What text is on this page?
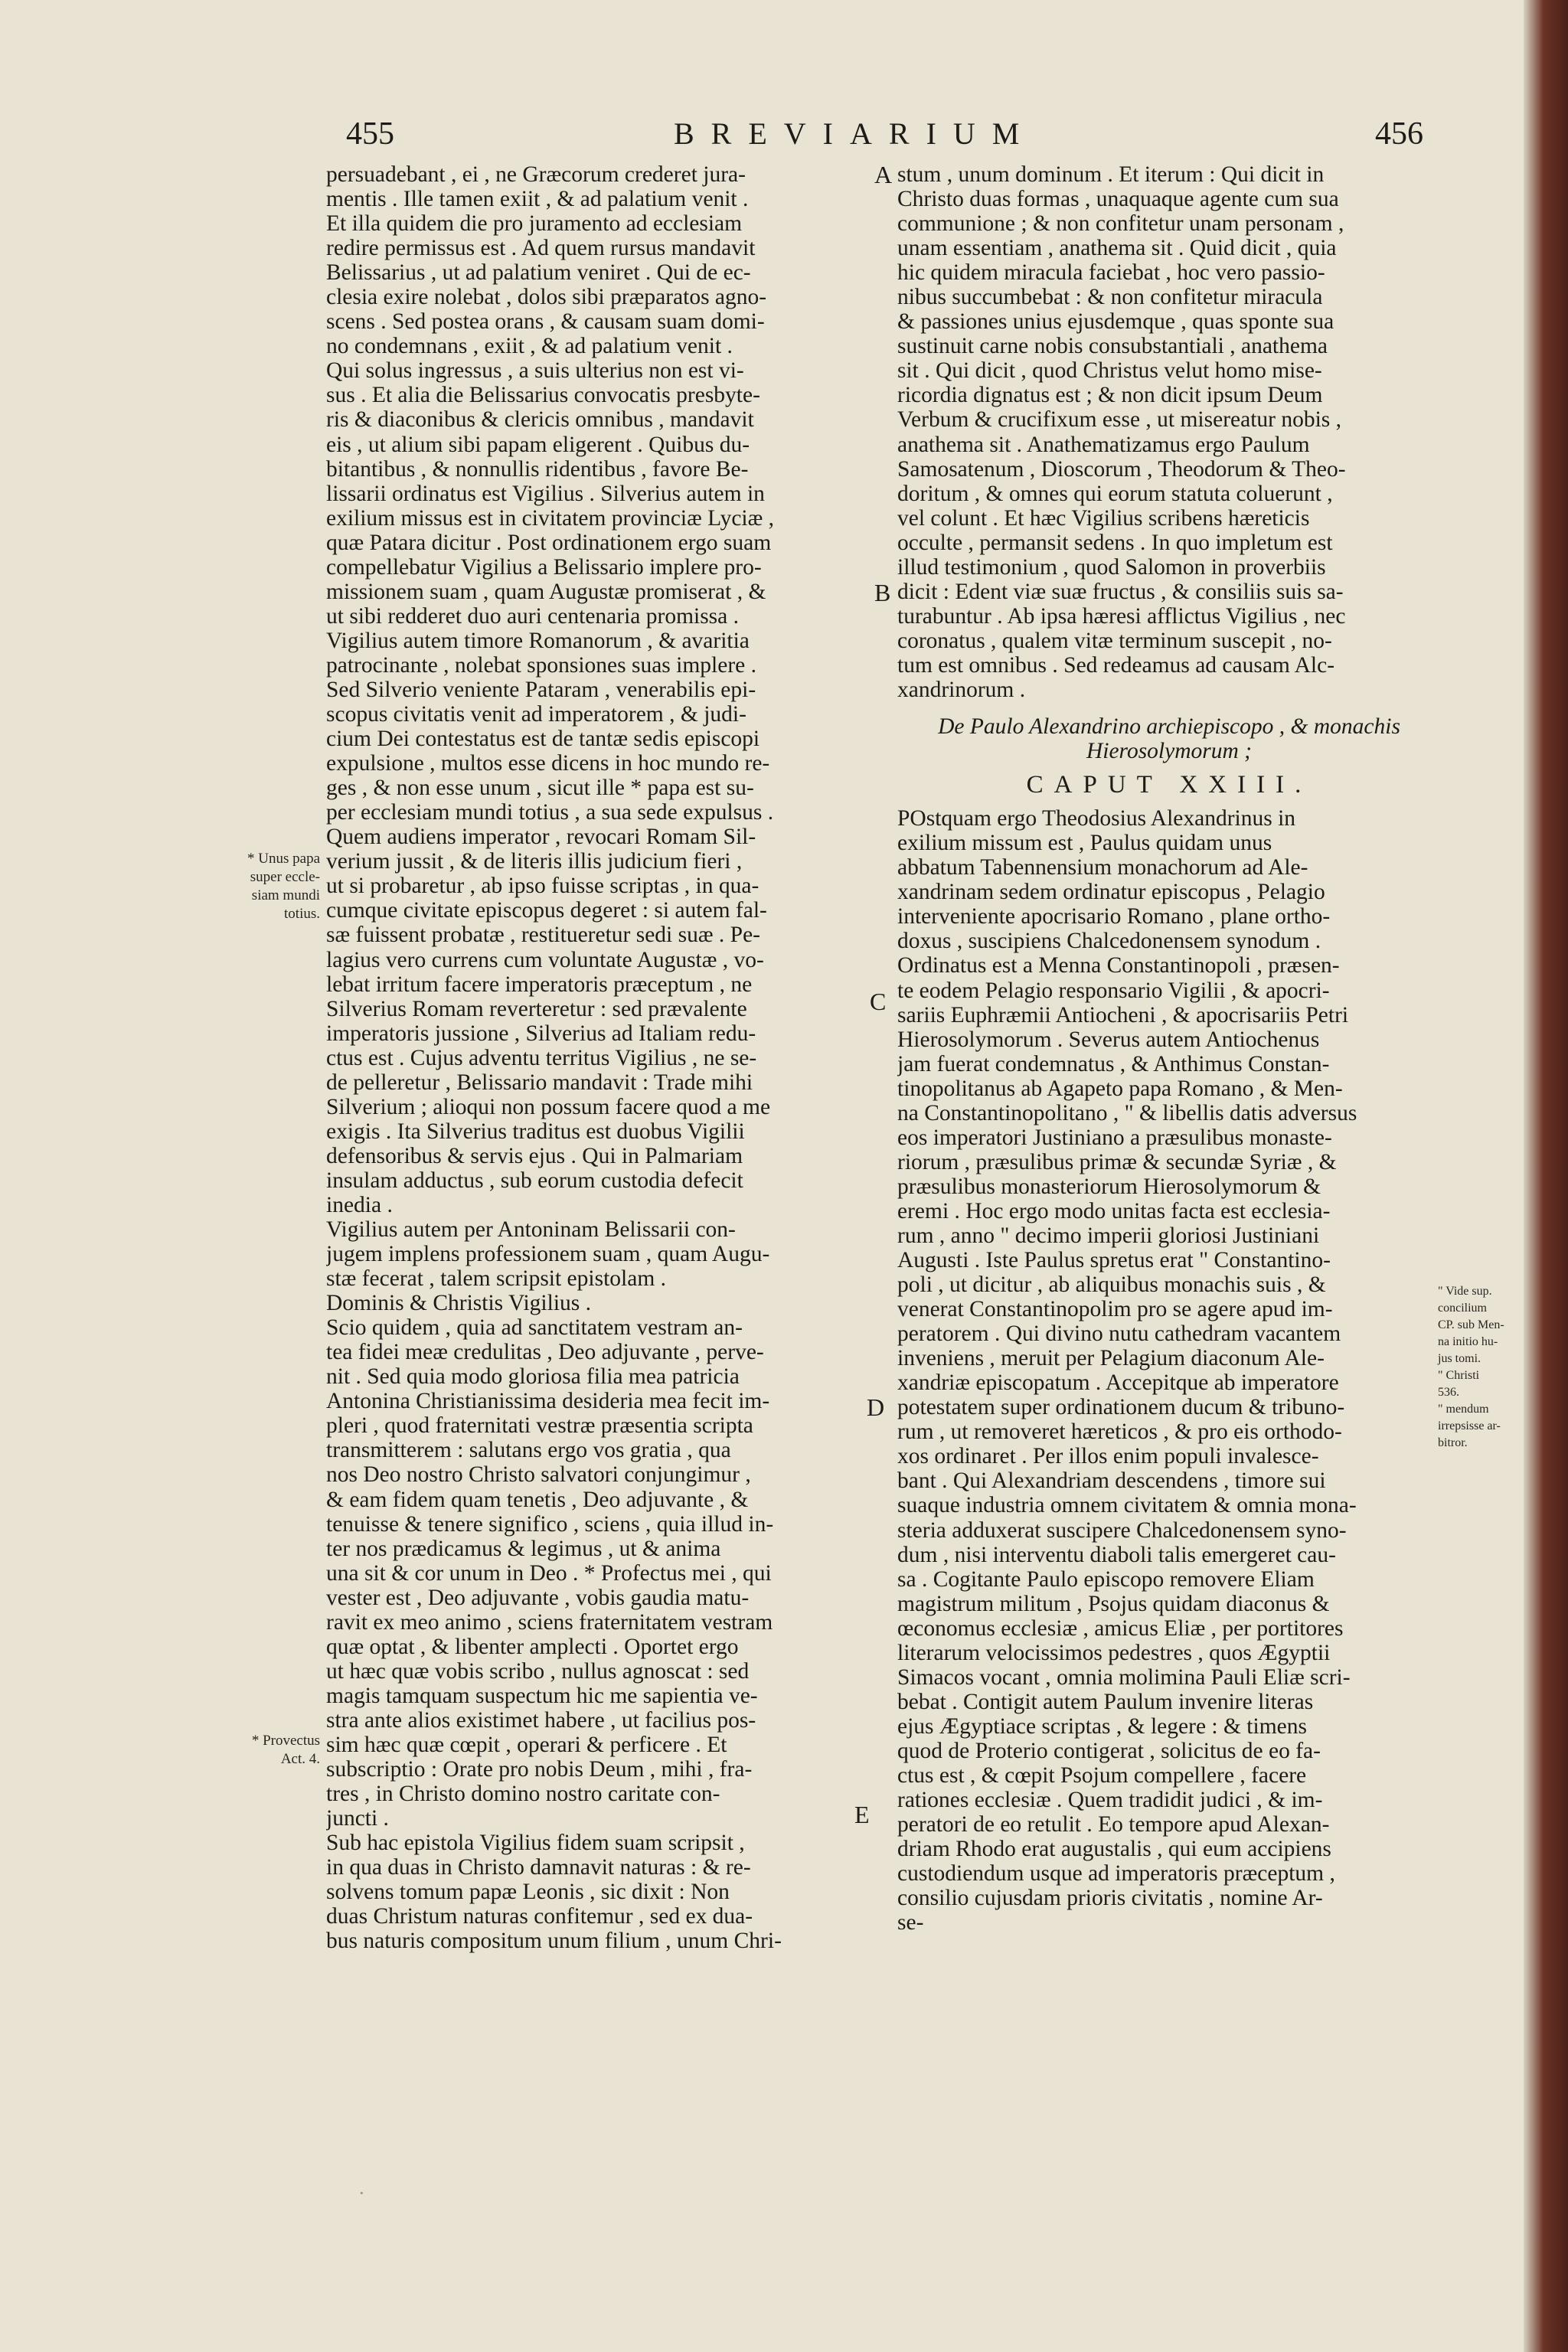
455	BREVIARIUM	456
* Unus papa
super eccle-
siam mundi
totius.
* Provectus
Act. 4.
" Vide sup.
concilium
CP. sub Men-
na initio hu-
jus tomi.
" Christi
536.
" mendum
irrepsisse ar-
bitror.
A
B
C
D
E
persuadebant , ei , ne Græcorum crederet jura-
mentis . Ille tamen exiit , & ad palatium venit .
Et illa quidem die pro juramento ad ecclesiam
redire permissus est . Ad quem rursus mandavit
Belissarius , ut ad palatium veniret . Qui de ec-
clesia exire nolebat , dolos sibi præparatos agno-
scens . Sed postea orans , & causam suam domi-
no condemnans , exiit , & ad palatium venit .
Qui solus ingressus , a suis ulterius non est vi-
sus . Et alia die Belissarius convocatis presbyte-
ris & diaconibus & clericis omnibus , mandavit
eis , ut alium sibi papam eligerent . Quibus du-
bitantibus , & nonnullis ridentibus , favore Be-
lissarii ordinatus est Vigilius . Silverius autem in
exilium missus est in civitatem provinciæ Lyciæ ,
quæ Patara dicitur . Post ordinationem ergo suam
compellebatur Vigilius a Belissario implere pro-
missionem suam , quam Augustæ promiserat , &
ut sibi redderet duo auri centenaria promissa .
Vigilius autem timore Romanorum , & avaritia
patrocinante , nolebat sponsiones suas implere .
Sed Silverio veniente Pataram , venerabilis epi-
scopus civitatis venit ad imperatorem , & judi-
cium Dei contestatus est de tantæ sedis episcopi
expulsione , multos esse dicens in hoc mundo re-
ges , & non esse unum , sicut ille * papa est su-
per ecclesiam mundi totius , a sua sede expulsus .
Quem audiens imperator , revocari Romam Sil-
verium jussit , & de literis illis judicium fieri ,
ut si probaretur , ab ipso fuisse scriptas , in qua-
cumque civitate episcopus degeret : si autem fal-
sæ fuissent probatæ , restitueretur sedi suæ . Pe-
lagius vero currens cum voluntate Augustæ , vo-
lebat irritum facere imperatoris præceptum , ne
Silverius Romam reverteretur : sed prævalente
imperatoris jussione , Silverius ad Italiam redu-
ctus est . Cujus adventu territus Vigilius , ne se-
de pelleretur , Belissario mandavit : Trade mihi
Silverium ; alioqui non possum facere quod a me
exigis . Ita Silverius traditus est duobus Vigilii
defensoribus & servis ejus . Qui in Palmariam
insulam adductus , sub eorum custodia defecit
inedia .
Vigilius autem per Antoninam Belissarii con-
jugem implens professionem suam , quam Augu-
stæ fecerat , talem scripsit epistolam .
Dominis & Christis Vigilius .
Scio quidem , quia ad sanctitatem vestram an-
tea fidei meæ credulitas , Deo adjuvante , perve-
nit . Sed quia modo gloriosa filia mea patricia
Antonina Christianissima desideria mea fecit im-
pleri , quod fraternitati vestræ præsentia scripta
transmitterem : salutans ergo vos gratia , qua
nos Deo nostro Christo salvatori conjungimur ,
& eam fidem quam tenetis , Deo adjuvante , &
tenuisse & tenere significo , sciens , quia illud in-
ter nos prædicamus & legimus , ut & anima
una sit & cor unum in Deo . * Profectus mei , qui
vester est , Deo adjuvante , vobis gaudia matu-
ravit ex meo animo , sciens fraternitatem vestram
quæ optat , & libenter amplecti . Oportet ergo
ut hæc quæ vobis scribo , nullus agnoscat : sed
magis tamquam suspectum hic me sapientia ve-
stra ante alios existimet habere , ut facilius pos-
sim hæc quæ cœpit , operari & perficere . Et
subscriptio : Orate pro nobis Deum , mihi , fra-
tres , in Christo domino nostro caritate con-
juncti .
Sub hac epistola Vigilius fidem suam scripsit ,
in qua duas in Christo damnavit naturas : & re-
solvens tomum papæ Leonis , sic dixit : Non
duas Christum naturas confitemur , sed ex dua-
bus naturis compositum unum filium , unum Chri-
stum , unum dominum . Et iterum : Qui dicit in
Christo duas formas , unaquaque agente cum sua
communione ; & non confitetur unam personam ,
unam essentiam , anathema sit . Quid dicit , quia
hic quidem miracula faciebat , hoc vero passio-
nibus succumbebat : & non confitetur miracula
& passiones unius ejusdemque , quas sponte sua
sustinuit carne nobis consubstantiali , anathema
sit . Qui dicit , quod Christus velut homo mise-
ricordia dignatus est ; & non dicit ipsum Deum
Verbum & crucifixum esse , ut misereatur nobis ,
anathema sit . Anathematizamus ergo Paulum
Samosatenum , Dioscorum , Theodorum & Theo-
doritum , & omnes qui eorum statuta coluerunt ,
vel colunt . Et hæc Vigilius scribens hæreticis
occulte , permansit sedens . In quo impletum est
illud testimonium , quod Salomon in proverbiis
dicit : Edent viæ suæ fructus , & consiliis suis sa-
turabuntur . Ab ipsa hæresi afflictus Vigilius , nec
coronatus , qualem vitæ terminum suscepit , no-
tum est omnibus . Sed redeamus ad causam Alc-
xandrinorum .
De Paulo Alexandrino archiepiscopo , & monachis
Hierosolymorum ;
CAPUT XXIII.
POstquam ergo Theodosius Alexandrinus in
exilium missum est , Paulus quidam unus
abbatum Tabennensium monachorum ad Ale-
xandrinam sedem ordinatur episcopus , Pelagio
interveniente apocrisario Romano , plane ortho-
doxus , suscipiens Chalcedonensem synodum .
Ordinatus est a Menna Constantinopoli , præsen-
te eodem Pelagio responsario Vigilii , & apocri-
sariis Euphræmii Antiocheni , & apocrisariis Petri
Hierosolymorum . Severus autem Antiochenus
jam fuerat condemnatus , & Anthimus Constan-
tinopolitanus ab Agapeto papa Romano , & Men-
na Constantinopolitano , " & libellis datis adversus
eos imperatori Justiniano a præsulibus monaste-
riorum , præsulibus primæ & secundæ Syriæ , &
præsulibus monasteriorum Hierosolymorum &
eremi . Hoc ergo modo unitas facta est ecclesia-
rum , anno " decimo imperii gloriosi Justiniani
Augusti . Iste Paulus spretus erat " Constantino-
poli , ut dicitur , ab aliquibus monachis suis , &
venerat Constantinopolim pro se agere apud im-
peratorem . Qui divino nutu cathedram vacantem
inveniens , meruit per Pelagium diaconum Ale-
xandriæ episcopatum . Accepitque ab imperatore
potestatem super ordinationem ducum & tribuno-
rum , ut removeret hæreticos , & pro eis orthodo-
xos ordinaret . Per illos enim populi invalesce-
bant . Qui Alexandriam descendens , timore sui
suaque industria omnem civitatem & omnia mona-
steria adduxerat suscipere Chalcedonensem syno-
dum , nisi interventu diaboli talis emergeret cau-
sa . Cogitante Paulo episcopo removere Eliam
magistrum militum , Psojus quidam diaconus &
œconomus ecclesiæ , amicus Eliæ , per portitores
literarum velocissimos pedestres , quos Ægyptii
Simacos vocant , omnia molimina Pauli Eliæ scri-
bebat . Contigit autem Paulum invenire literas
ejus Ægyptiace scriptas , & legere : & timens
quod de Proterio contigerat , solicitus de eo fa-
ctus est , & cœpit Psojum compellere , facere
rationes ecclesiæ . Quem tradidit judici , & im-
peratori de eo retulit . Eo tempore apud Alexan-
driam Rhodo erat augustalis , qui eum accipiens
custodiendum usque ad imperatoris præceptum ,
consilio cujusdam prioris civitatis , nomine Ar-
se-
·
